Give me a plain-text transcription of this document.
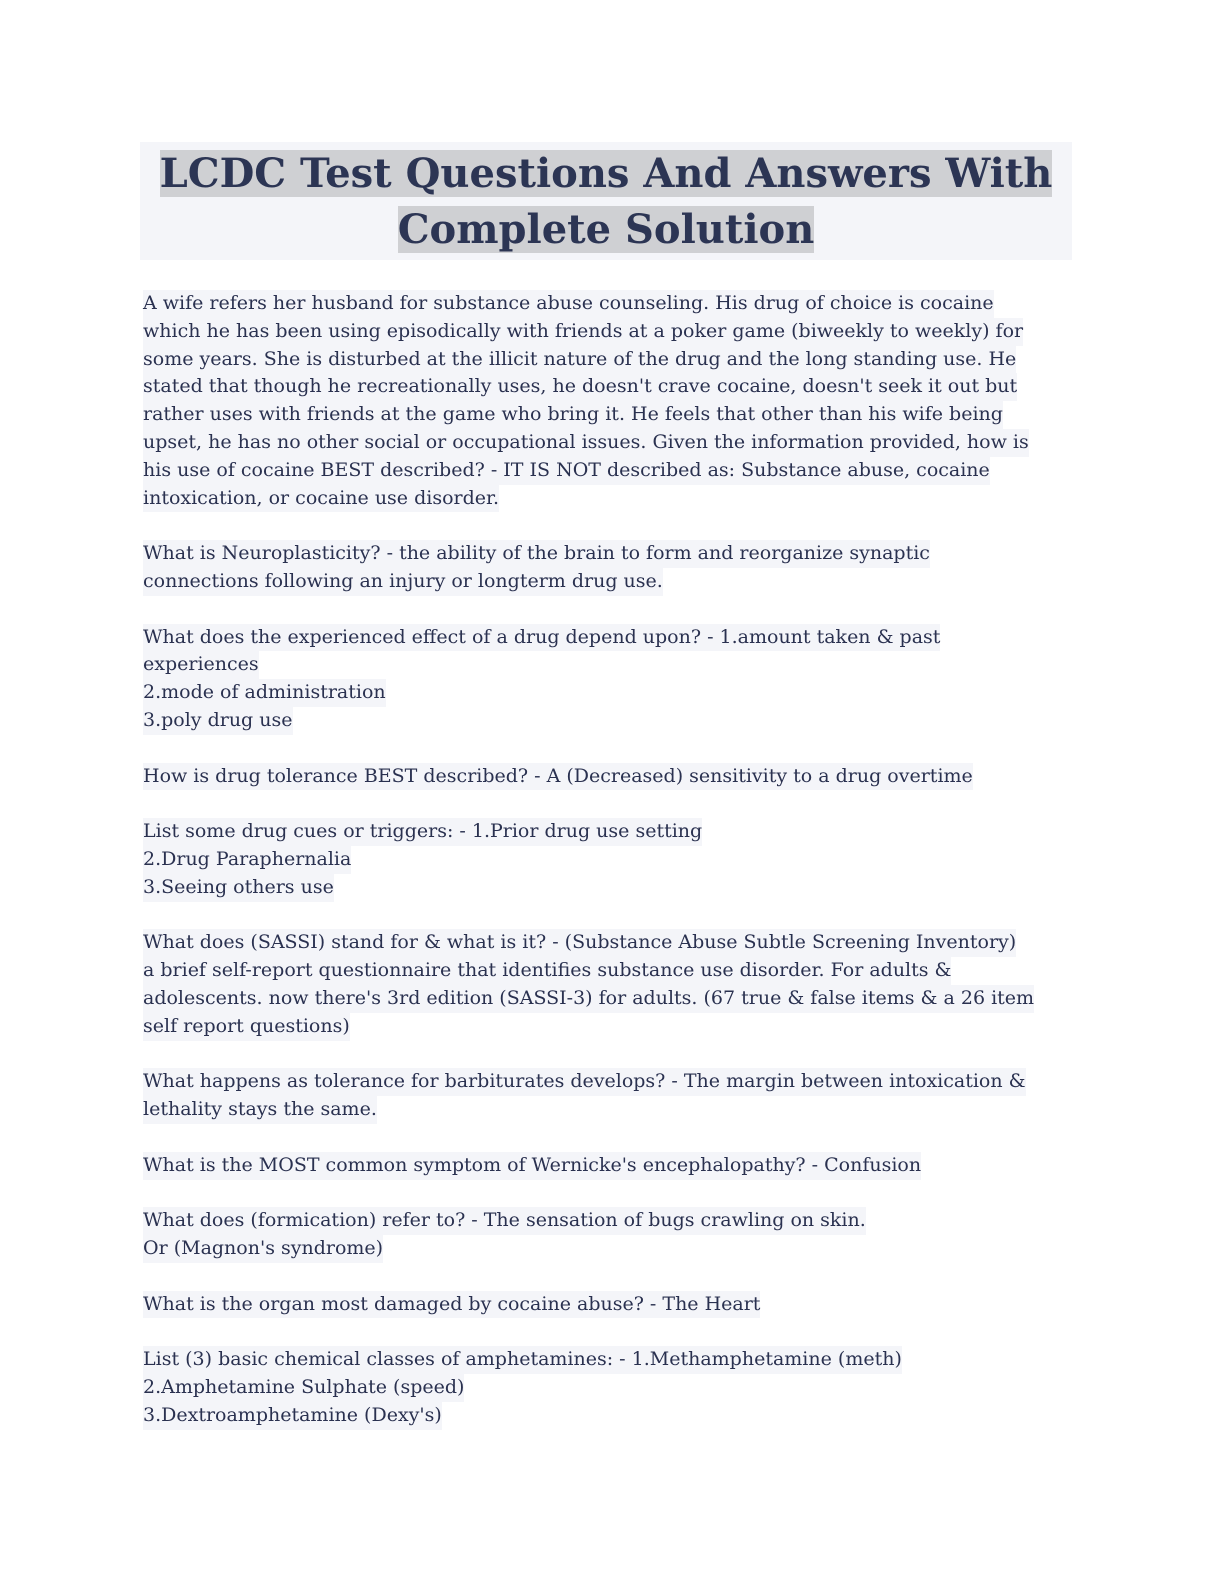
LCDC Test Questions And Answers With
Complete Solution
A wife refers her husband for substance abuse counseling. His drug of choice is cocaine
which he has been using episodically with friends at a poker game (biweekly to weekly) for
some years. She is disturbed at the illicit nature of the drug and the long standing use. He
stated that though he recreationally uses, he doesn't crave cocaine, doesn't seek it out but
rather uses with friends at the game who bring it. He feels that other than his wife being
upset, he has no other social or occupational issues. Given the information provided, how is
his use of cocaine BEST described? - IT IS NOT described as: Substance abuse, cocaine
intoxication, or cocaine use disorder.
What is Neuroplasticity? - the ability of the brain to form and reorganize synaptic
connections following an injury or longterm drug use.
What does the experienced effect of a drug depend upon? - 1.amount taken & past
experiences
2.mode of administration
3.poly drug use
How is drug tolerance BEST described? - A (Decreased) sensitivity to a drug overtime
List some drug cues or triggers: - 1.Prior drug use setting
2.Drug Paraphernalia
3.Seeing others use
What does (SASSI) stand for & what is it? - (Substance Abuse Subtle Screening Inventory)
a brief self-report questionnaire that identifies substance use disorder. For adults &
adolescents. now there's 3rd edition (SASSI-3) for adults. (67 true & false items & a 26 item
self report questions)
What happens as tolerance for barbiturates develops? - The margin between intoxication &
lethality stays the same.
What is the MOST common symptom of Wernicke's encephalopathy? - Confusion
What does (formication) refer to? - The sensation of bugs crawling on skin.
Or (Magnon's syndrome)
What is the organ most damaged by cocaine abuse? - The Heart
List (3) basic chemical classes of amphetamines: - 1.Methamphetamine (meth)
2.Amphetamine Sulphate (speed)
3.Dextroamphetamine (Dexy's)
